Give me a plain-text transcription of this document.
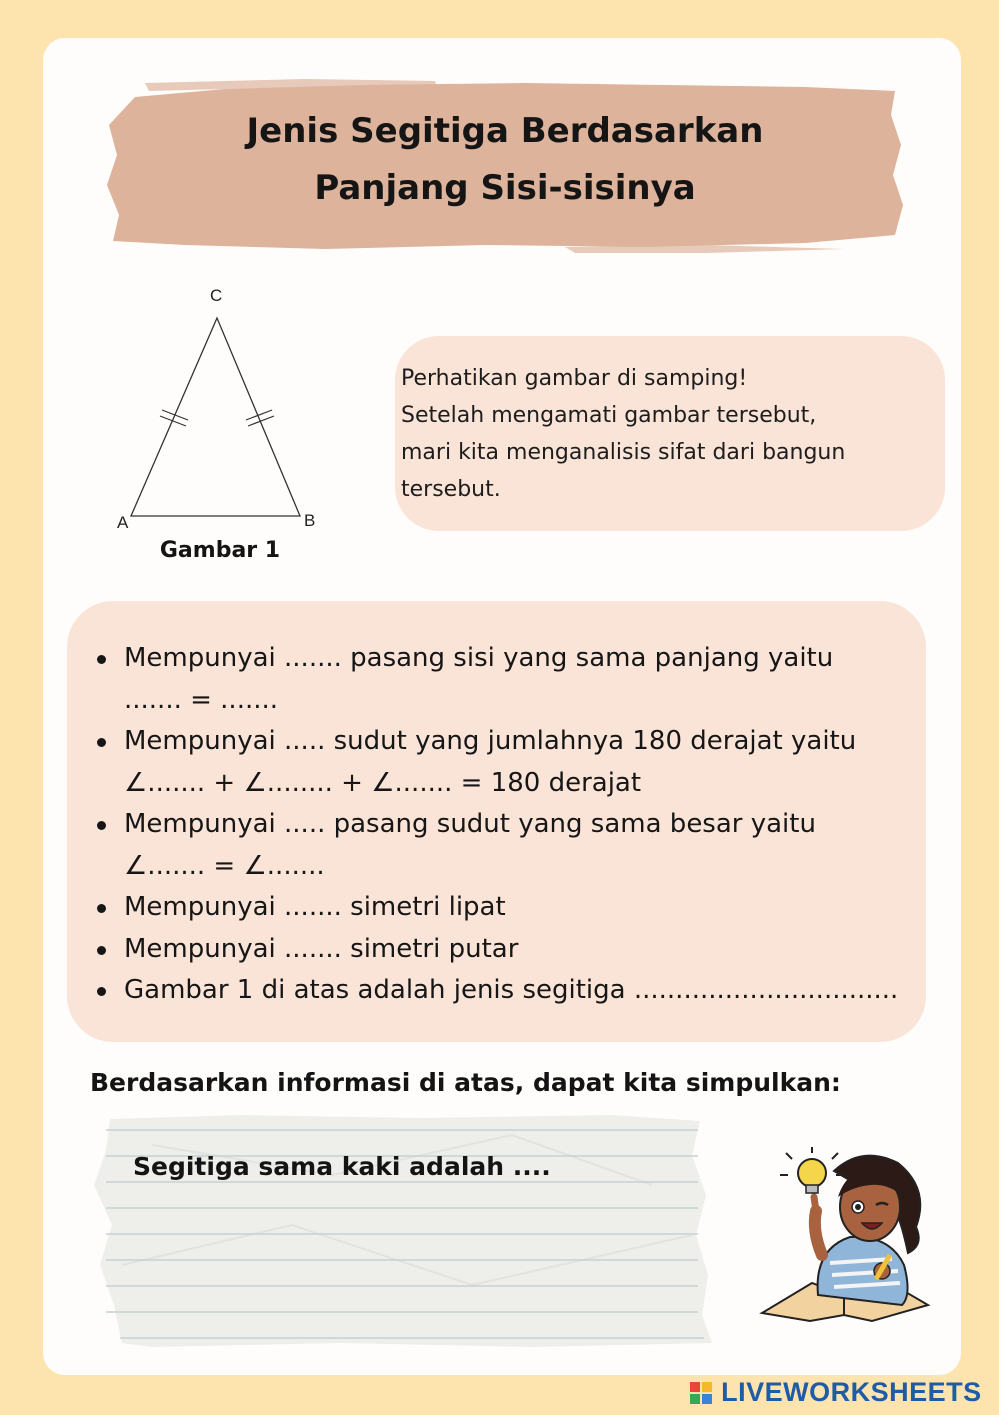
Jenis Segitiga Berdasarkan
Panjang Sisi-sisinya
C
A	B
Gambar 1
Perhatikan gambar di samping!
Setelah mengamati gambar tersebut,
mari kita menganalisis sifat dari bangun
tersebut.
Mempunyai ....... pasang sisi yang sama panjang yaitu
....... = .......
Mempunyai ..... sudut yang jumlahnya 180 derajat yaitu
∠....... + ∠........ + ∠....... = 180 derajat
Mempunyai ..... pasang sudut yang sama besar yaitu
∠....... = ∠.......
Mempunyai ....... simetri lipat
Mempunyai ....... simetri putar
Gambar 1 di atas adalah jenis segitiga ................................
Berdasarkan informasi di atas, dapat kita simpulkan:
Segitiga sama kaki adalah ....
LIVEWORKSHEETS
